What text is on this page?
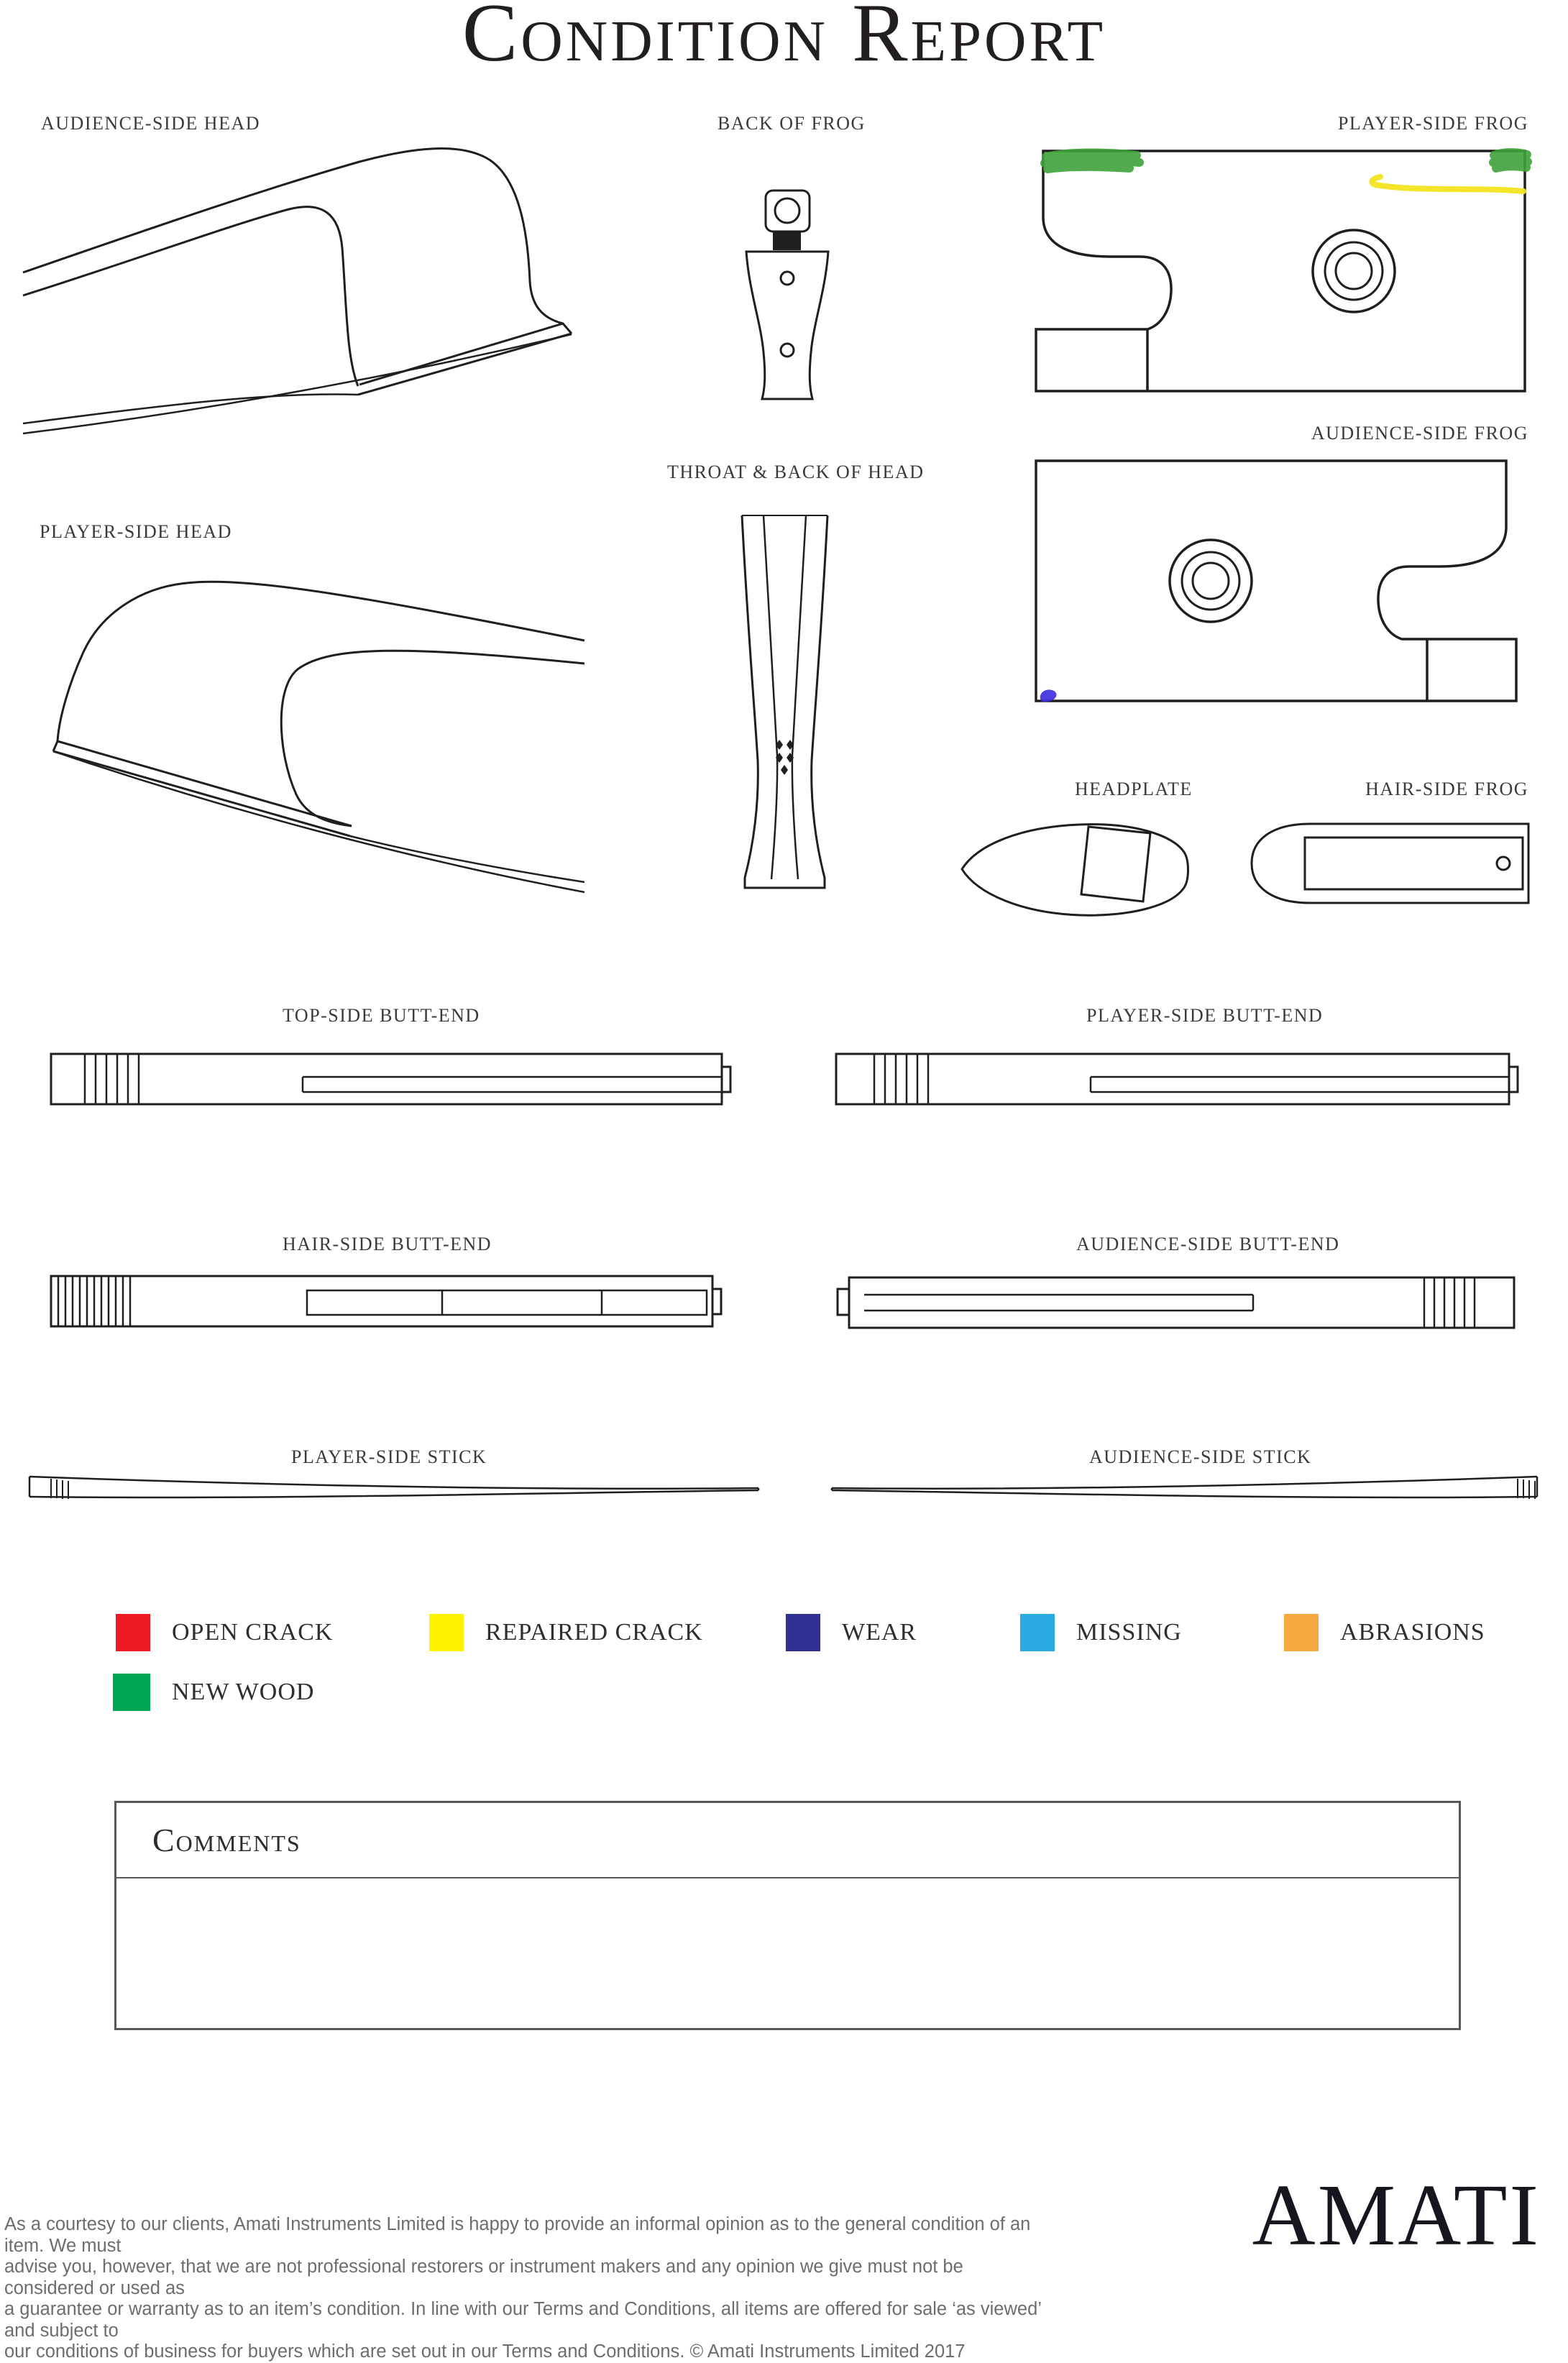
Condition Report
AUDIENCE-SIDE HEAD	BACK OF FROG	PLAYER-SIDE FROG
AUDIENCE-SIDE FROG
THROAT & BACK OF HEAD
PLAYER-SIDE HEAD
HEADPLATE	HAIR-SIDE FROG
TOP-SIDE BUTT-END	PLAYER-SIDE BUTT-END
HAIR-SIDE BUTT-END	AUDIENCE-SIDE BUTT-END
PLAYER-SIDE STICK	AUDIENCE-SIDE STICK
OPEN CRACK	REPAIRED CRACK	WEAR	MISSING	ABRASIONS
NEW WOOD
Comments
As a courtesy to our clients, Amati Instruments Limited is happy to provide an informal opinion as to the general condition of an item. We must
advise you, however, that we are not professional restorers or instrument makers and any opinion we give must not be considered or used as
a guarantee or warranty as to an item’s condition. In line with our Terms and Conditions, all items are offered for sale ‘as viewed’ and subject to
our conditions of business for buyers which are set out in our Terms and Conditions. © Amati Instruments Limited 2017
AMATI
